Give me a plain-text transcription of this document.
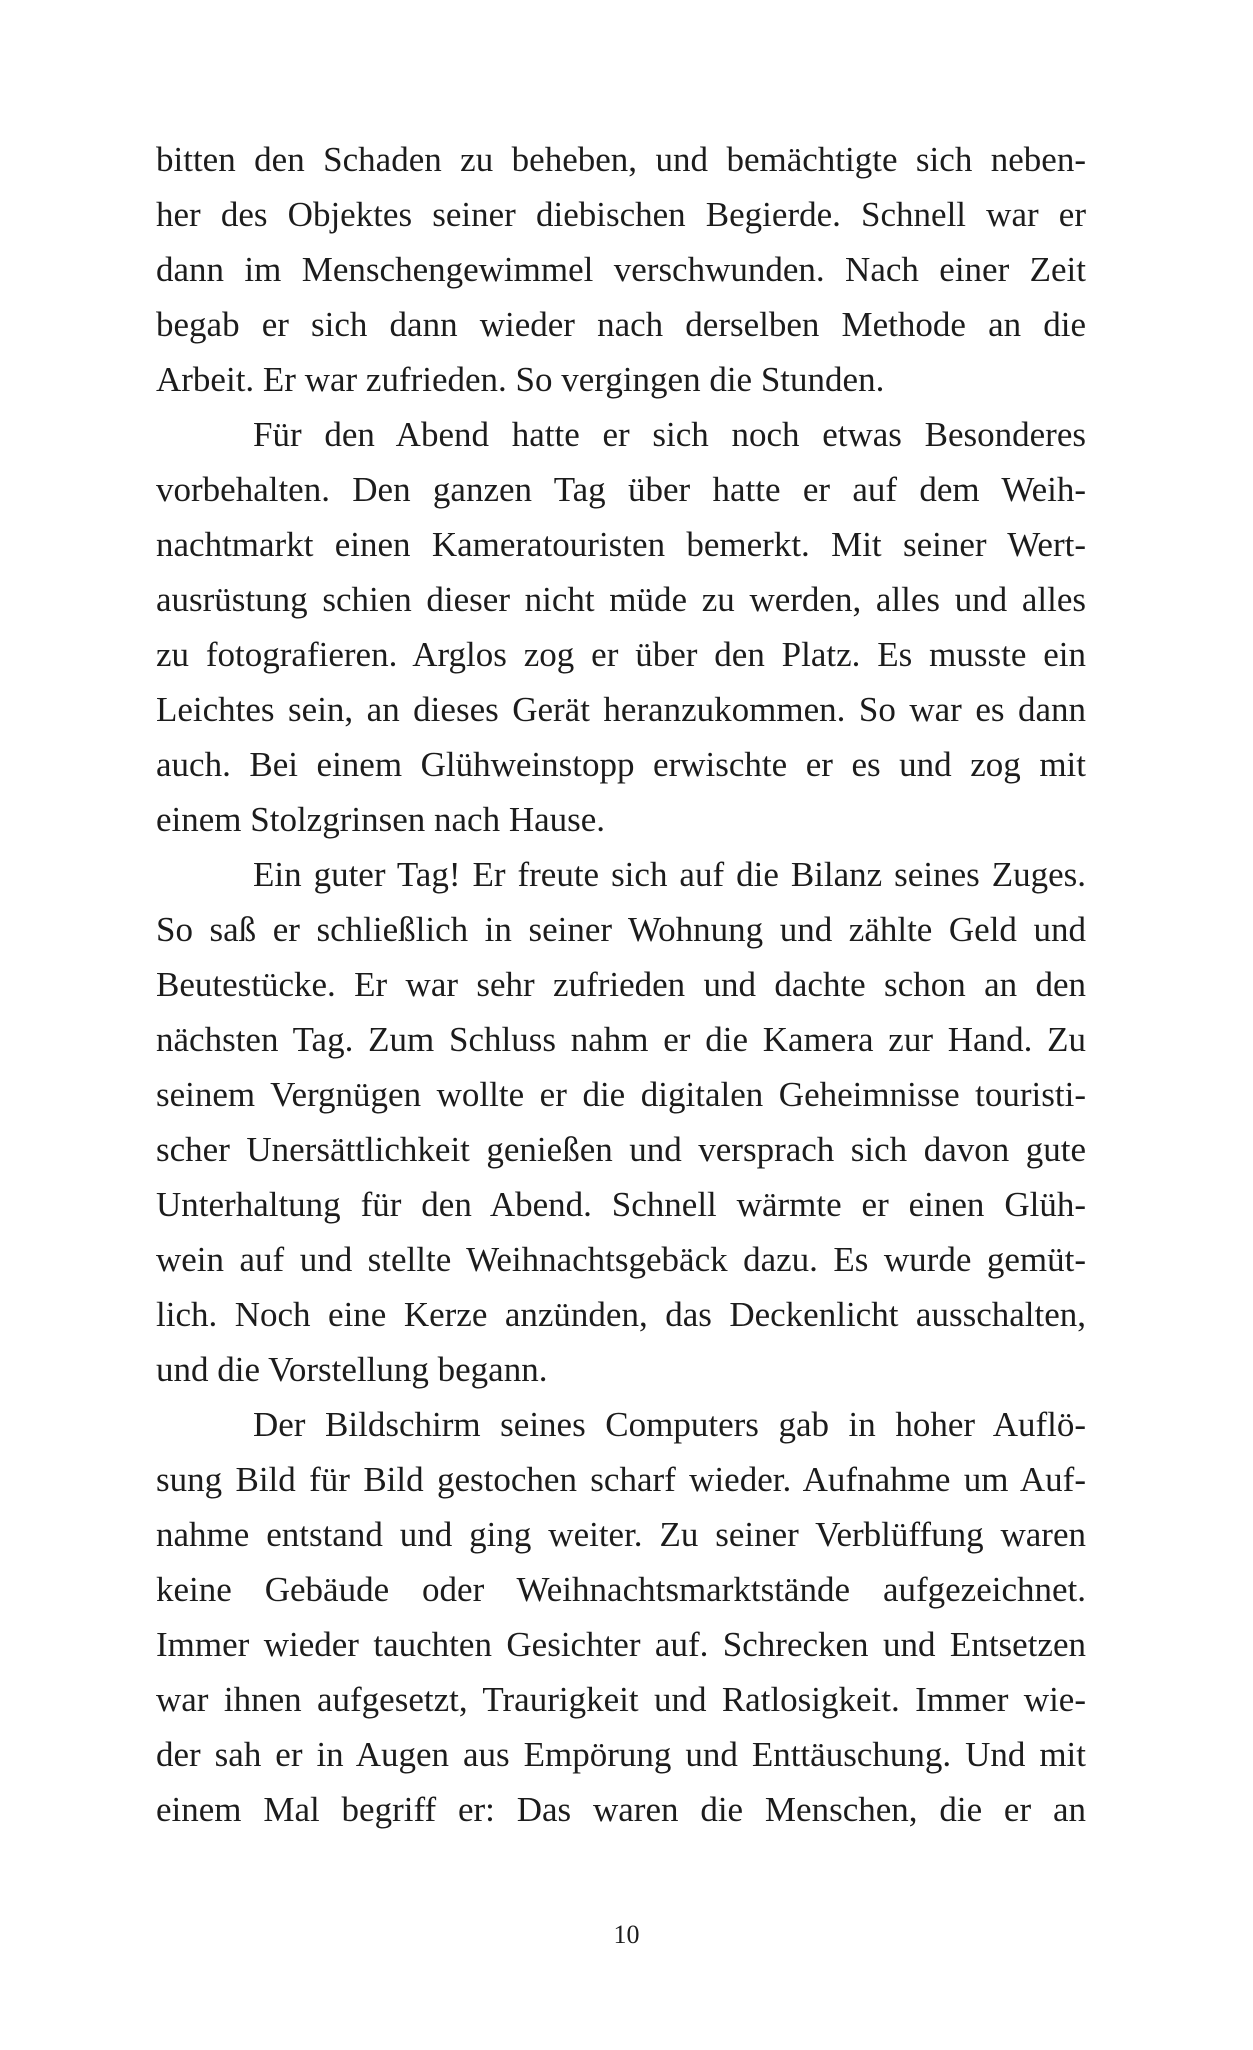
bitten den Schaden zu beheben, und bemächtigte sich neben-
her des Objektes seiner diebischen Begierde. Schnell war er
dann im Menschengewimmel verschwunden. Nach einer Zeit
begab er sich dann wieder nach derselben Methode an die
Arbeit. Er war zufrieden. So vergingen die Stunden.
Für den Abend hatte er sich noch etwas Besonderes
vorbehalten. Den ganzen Tag über hatte er auf dem Weih-
nachtmarkt einen Kameratouristen bemerkt. Mit seiner Wert-
ausrüstung schien dieser nicht müde zu werden, alles und alles
zu fotografieren. Arglos zog er über den Platz. Es musste ein
Leichtes sein, an dieses Gerät heranzukommen. So war es dann
auch. Bei einem Glühweinstopp erwischte er es und zog mit
einem Stolzgrinsen nach Hause.
Ein guter Tag! Er freute sich auf die Bilanz seines Zuges.
So saß er schließlich in seiner Wohnung und zählte Geld und
Beutestücke. Er war sehr zufrieden und dachte schon an den
nächsten Tag. Zum Schluss nahm er die Kamera zur Hand. Zu
seinem Vergnügen wollte er die digitalen Geheimnisse touristi-
scher Unersättlichkeit genießen und versprach sich davon gute
Unterhaltung für den Abend. Schnell wärmte er einen Glüh-
wein auf und stellte Weihnachtsgebäck dazu. Es wurde gemüt-
lich. Noch eine Kerze anzünden, das Deckenlicht ausschalten,
und die Vorstellung begann.
Der Bildschirm seines Computers gab in hoher Auflö-
sung Bild für Bild gestochen scharf wieder. Aufnahme um Auf-
nahme entstand und ging weiter. Zu seiner Verblüffung waren
keine Gebäude oder Weihnachtsmarktstände aufgezeichnet.
Immer wieder tauchten Gesichter auf. Schrecken und Entsetzen
war ihnen aufgesetzt, Traurigkeit und Ratlosigkeit. Immer wie-
der sah er in Augen aus Empörung und Enttäuschung. Und mit
einem Mal begriff er: Das waren die Menschen, die er an
10
